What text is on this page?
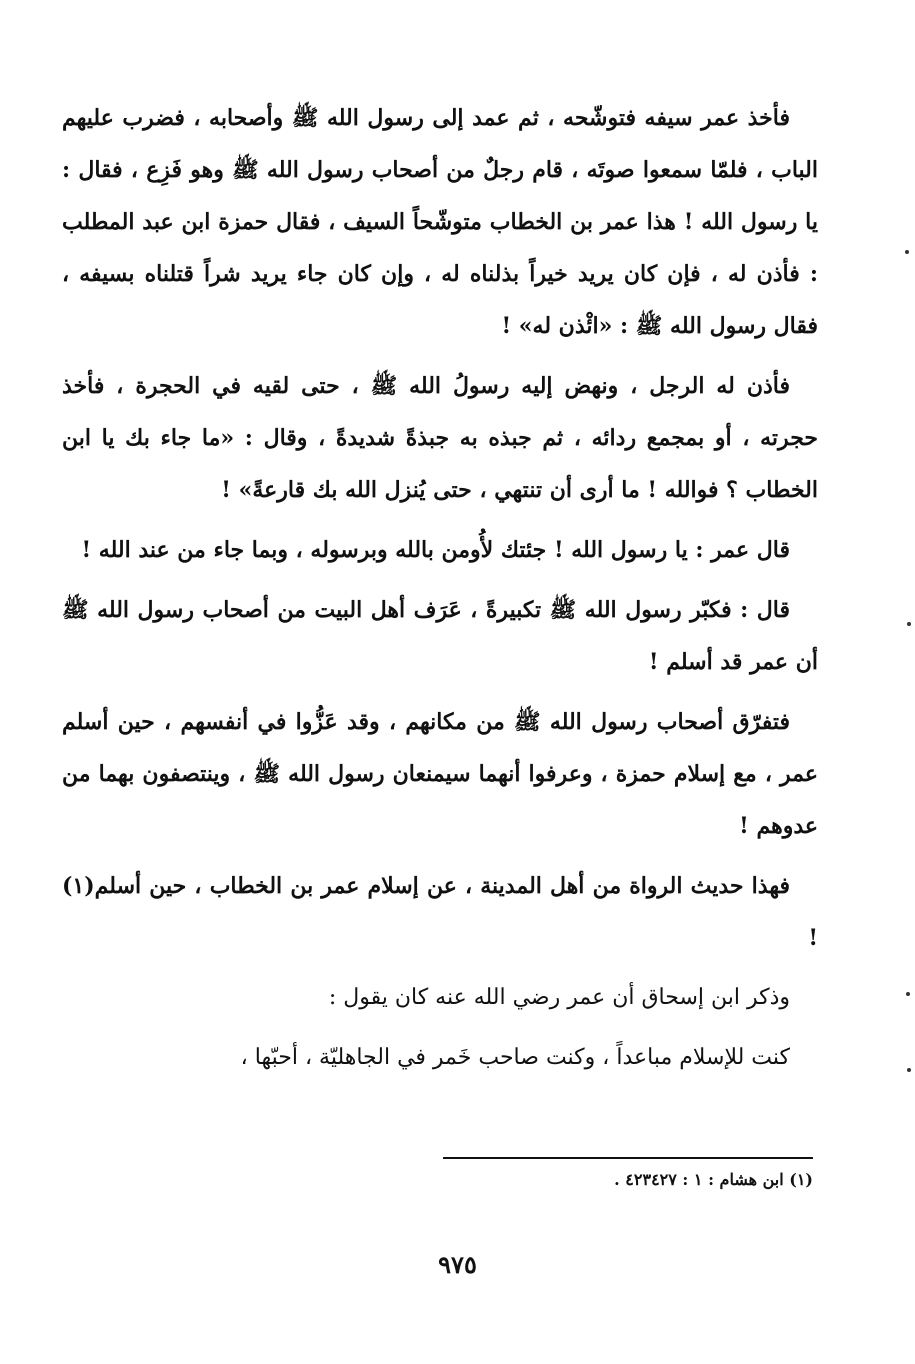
فأخذ عمر سيفه فتوشّحه ، ثم عمد إلى رسول الله ﷺ وأصحابه ، فضرب عليهم الباب ، فلمّا سمعوا صوتَه ، قام رجلٌ من أصحاب رسول الله ﷺ وهو فَزِع ، فقال : يا رسول الله ! هذا عمر بن الخطاب متوشّحاً السيف ، فقال حمزة ابن عبد المطلب : فأذن له ، فإن كان يريد خيراً بذلناه له ، وإن كان جاء يريد شراً قتلناه بسيفه ، فقال رسول الله ﷺ : «ائْذن له» !

فأذن له الرجل ، ونهض إليه رسولُ الله ﷺ ، حتى لقيه في الحجرة ، فأخذ حجرته ، أو بمجمع ردائه ، ثم جبذه به جبذةً شديدةً ، وقال : «ما جاء بك يا ابن الخطاب ؟ فوالله ! ما أرى أن تنتهي ، حتى يُنزل الله بك قارعةً» !

قال عمر : يا رسول الله ! جئتك لأُومن بالله وبرسوله ، وبما جاء من عند الله !

قال : فكبّر رسول الله ﷺ تكبيرةً ، عَرَف أهل البيت من أصحاب رسول الله ﷺ أن عمر قد أسلم !

فتفرّق أصحاب رسول الله ﷺ من مكانهم ، وقد عَزُّوا في أنفسهم ، حين أسلم عمر ، مع إسلام حمزة ، وعرفوا أنهما سيمنعان رسول الله ﷺ ، وينتصفون بهما من عدوهم !

فهذا حديث الرواة من أهل المدينة ، عن إسلام عمر بن الخطاب ، حين أسلم(١) !

وذكر ابن إسحاق أن عمر رضي الله عنه كان يقول :

كنت للإسلام مباعداً ، وكنت صاحب خَمر في الجاهليّة ، أحبّها ،

(١) ابن هشام : ١ : ٤٢٣٤٢٧ .
٩٧٥
